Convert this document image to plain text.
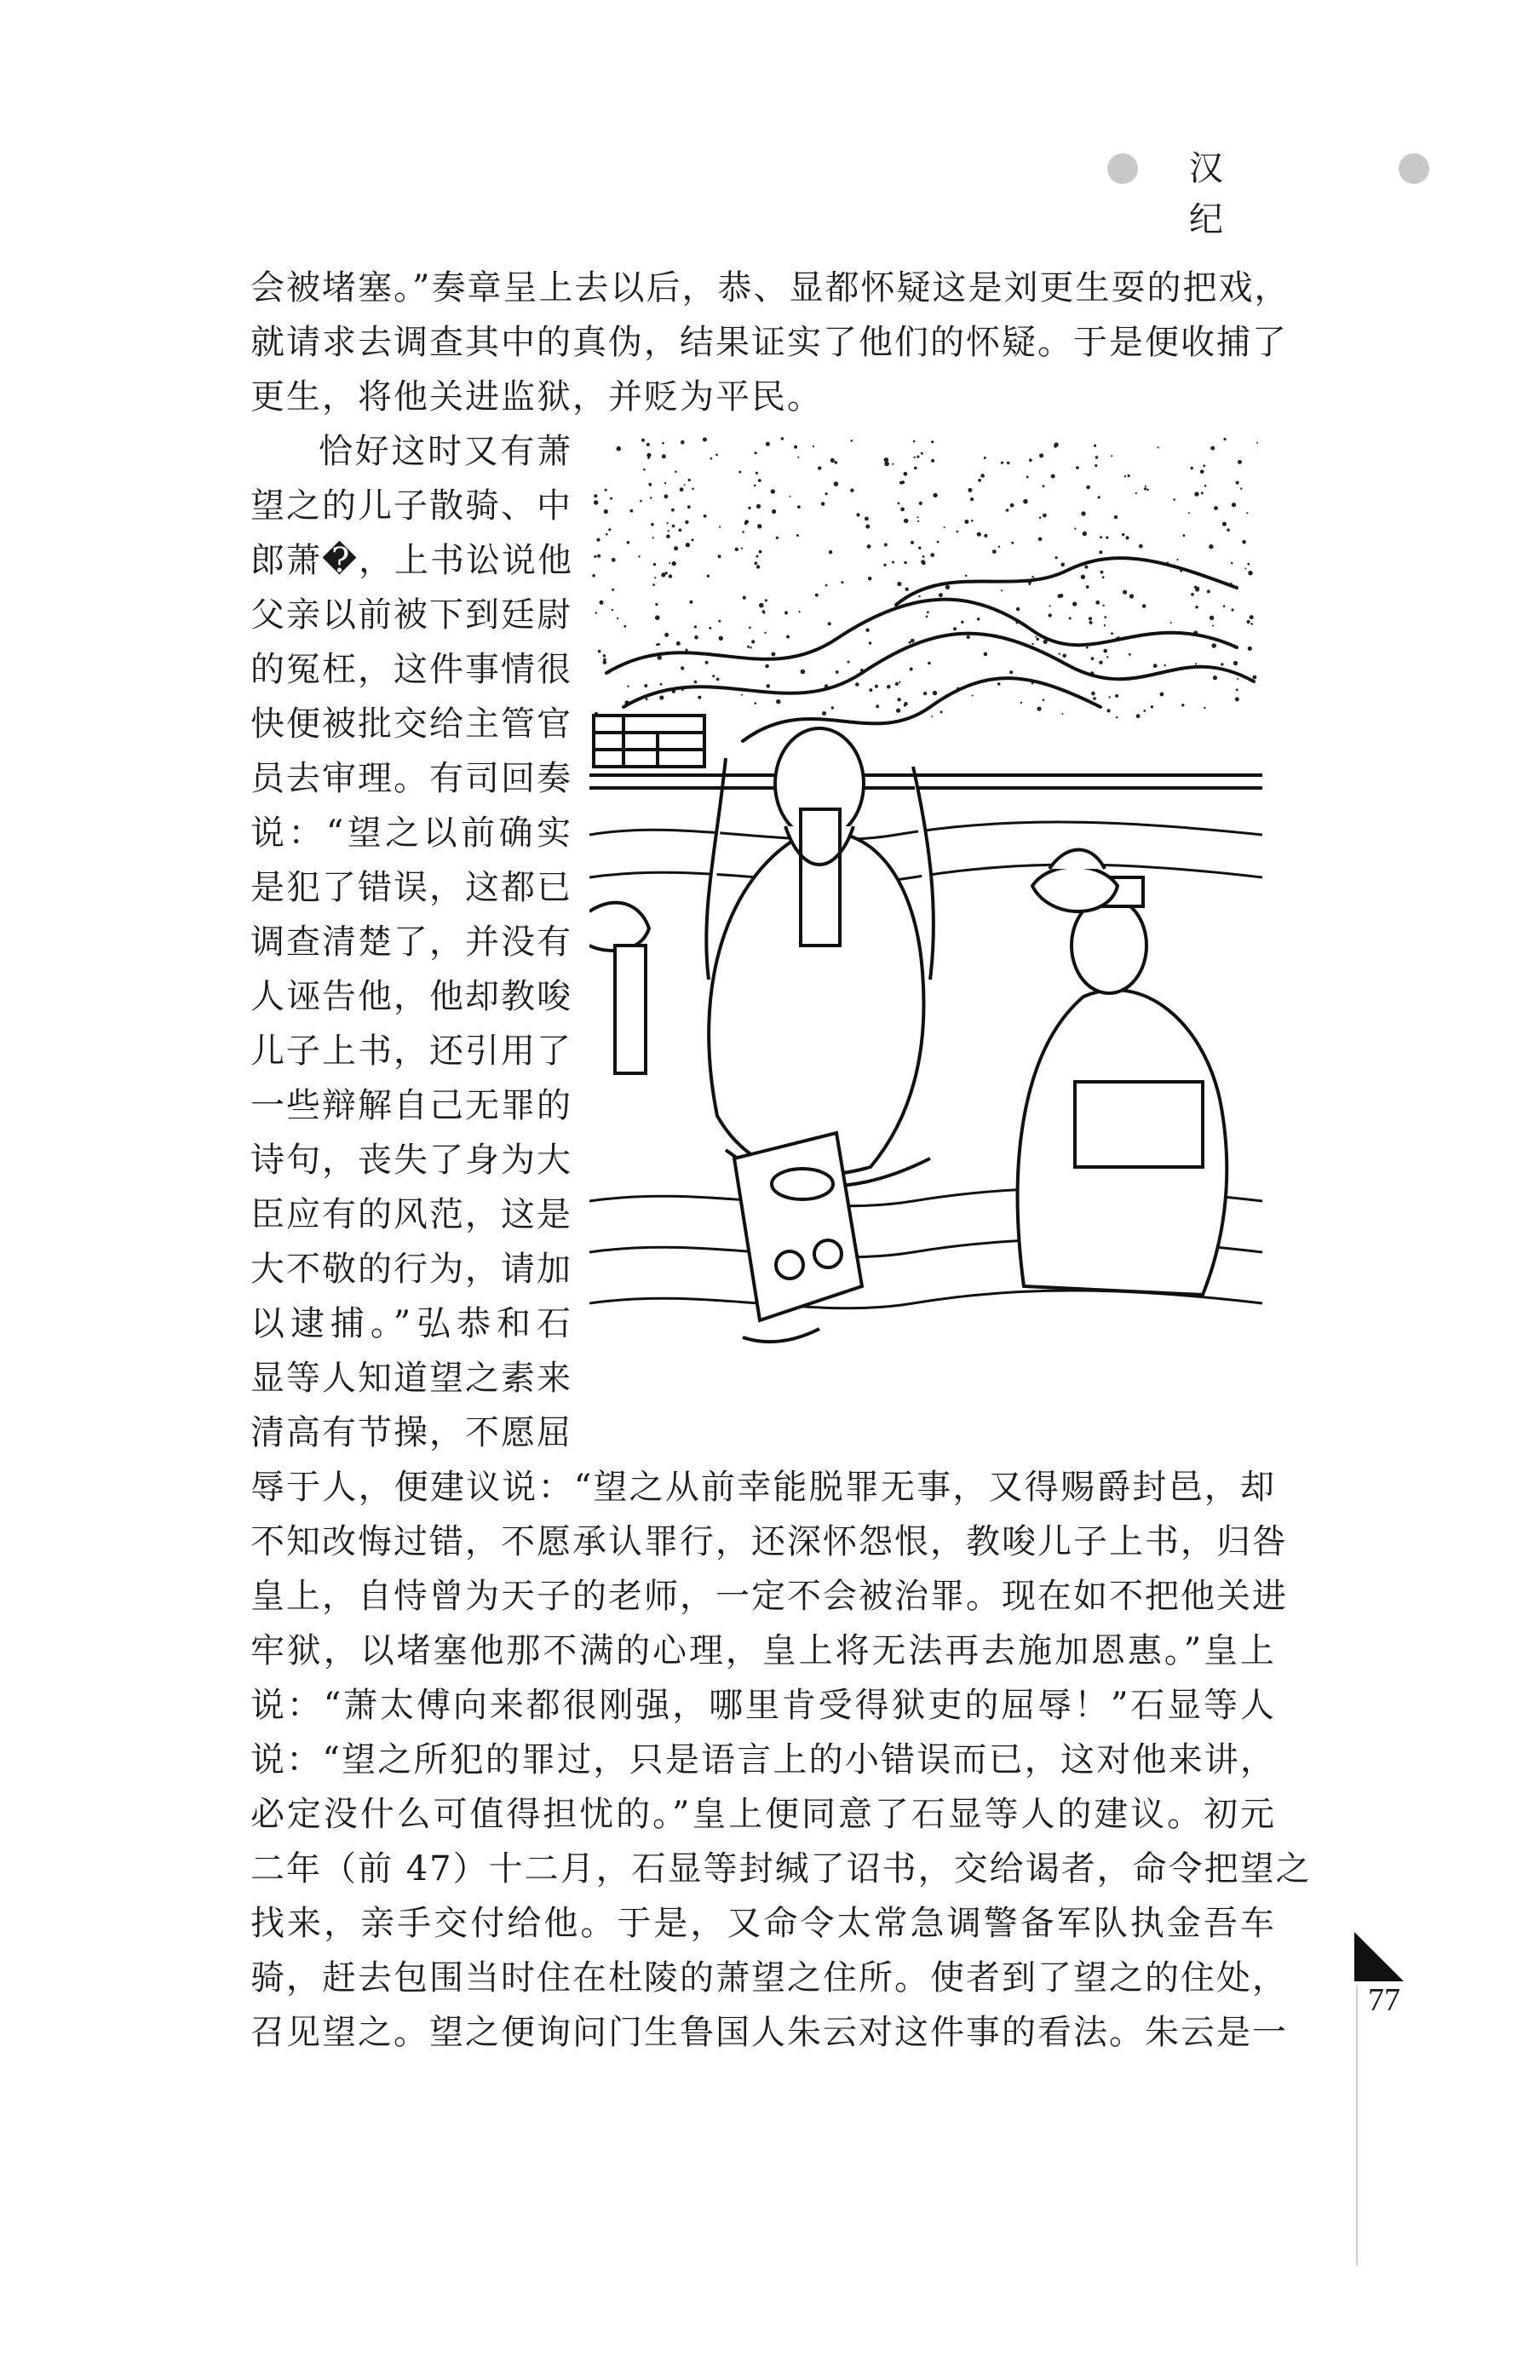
汉 纪
会被堵塞。”奏章呈上去以后，恭、显都怀疑这是刘更生耍的把戏，
就请求去调查其中的真伪，结果证实了他们的怀疑。于是便收捕了
更生，将他关进监狱，并贬为平民。
恰好这时又有萧
望之的儿子散骑、中
郎萧�，上书讼说他
父亲以前被下到廷尉
的冤枉，这件事情很
快便被批交给主管官
员去审理。有司回奏
说：“望之以前确实
是犯了错误，这都已
调查清楚了，并没有
人诬告他，他却教唆
儿子上书，还引用了
一些辩解自己无罪的
诗句，丧失了身为大
臣应有的风范，这是
大不敬的行为，请加
以逮捕。”弘恭和石
显等人知道望之素来
清高有节操，不愿屈
辱于人，便建议说：“望之从前幸能脱罪无事，又得赐爵封邑，却
不知改悔过错，不愿承认罪行，还深怀怨恨，教唆儿子上书，归咎
皇上，自恃曾为天子的老师，一定不会被治罪。现在如不把他关进
牢狱，以堵塞他那不满的心理，皇上将无法再去施加恩惠。”皇上
说：“萧太傅向来都很刚强，哪里肯受得狱吏的屈辱！”石显等人
说：“望之所犯的罪过，只是语言上的小错误而已，这对他来讲，
必定没什么可值得担忧的。”皇上便同意了石显等人的建议。初元
二年（前 47）十二月，石显等封缄了诏书，交给谒者，命令把望之
找来，亲手交付给他。于是，又命令太常急调警备军队执金吾车
骑，赶去包围当时住在杜陵的萧望之住所。使者到了望之的住处，
召见望之。望之便询问门生鲁国人朱云对这件事的看法。朱云是一
77
